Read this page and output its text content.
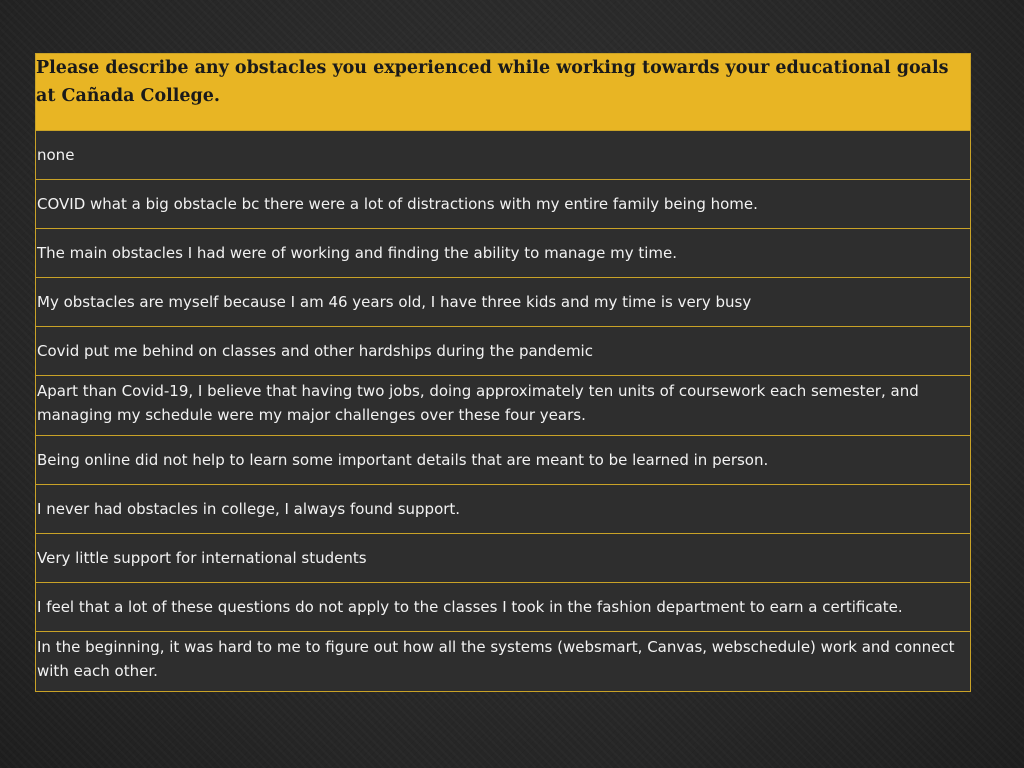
Please describe any obstacles you experienced while working towards your educational goals at Cañada College.

none

COVID what a big obstacle bc there were a lot of distractions with my entire family being home.

The main obstacles I had were of working and finding the ability to manage my time.

My obstacles are myself because I am 46 years old, I have three kids and my time is very busy

Covid put me behind on classes and other hardships during the pandemic

Apart than Covid-19, I believe that having two jobs, doing approximately ten units of coursework each semester, and managing my schedule were my major challenges over these four years.

Being online did not help to learn some important details that are meant to be learned in person.

I never had obstacles in college, I always found support.

Very little support for international students

I feel that a lot of these questions do not apply to the classes I took in the fashion department to earn a certificate.

In the beginning, it was hard to me to figure out how all the systems (websmart, Canvas, webschedule) work and connect with each other.
